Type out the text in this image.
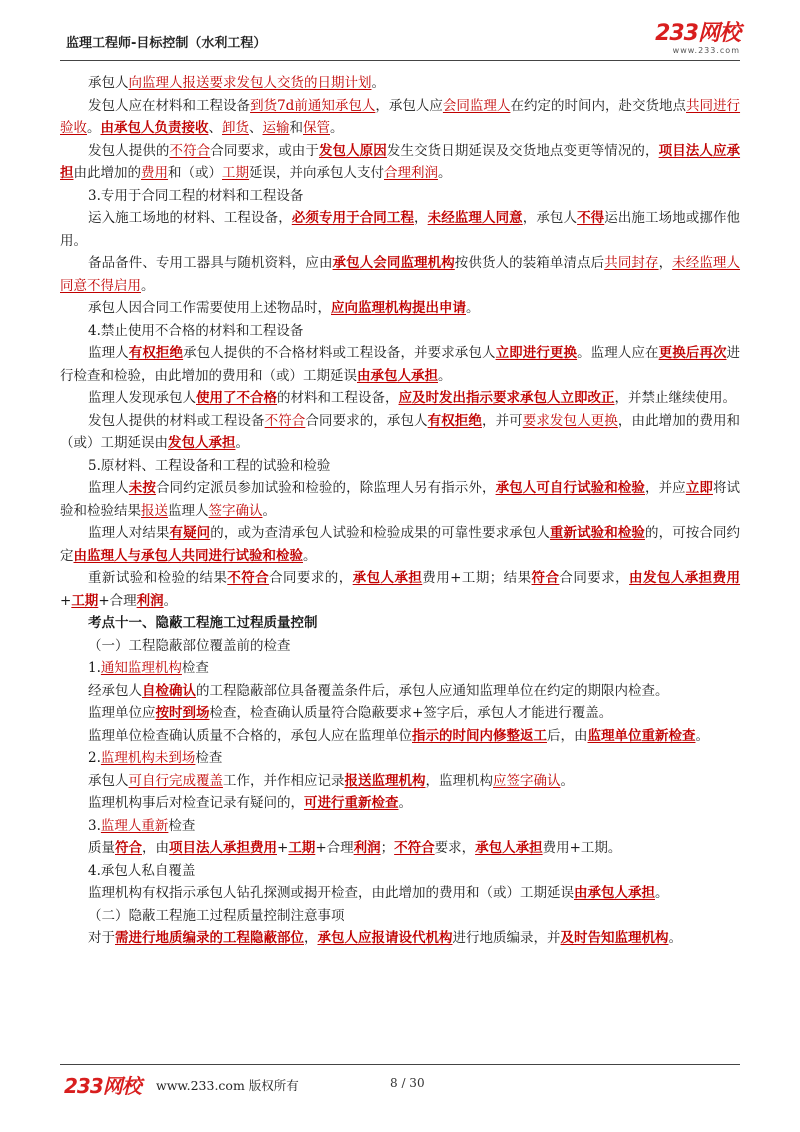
监理工程师-目标控制（水利工程）	233网校
www.233.com

承包人向监理人报送要求发包人交货的日期计划。

发包人应在材料和工程设备到货7d前通知承包人，承包人应会同监理人在约定的时间内，赴交货地点共同进行验收。由承包人负责接收、卸货、运输和保管。

发包人提供的不符合合同要求，或由于发包人原因发生交货日期延误及交货地点变更等情况的，项目法人应承担由此增加的费用和（或）工期延误，并向承包人支付合理利润。

3.专用于合同工程的材料和工程设备

运入施工场地的材料、工程设备，必须专用于合同工程，未经监理人同意，承包人不得运出施工场地或挪作他用。

备品备件、专用工器具与随机资料，应由承包人会同监理机构按供货人的装箱单清点后共同封存，未经监理人同意不得启用。

承包人因合同工作需要使用上述物品时，应向监理机构提出申请。

4.禁止使用不合格的材料和工程设备

监理人有权拒绝承包人提供的不合格材料或工程设备，并要求承包人立即进行更换。监理人应在更换后再次进行检查和检验，由此增加的费用和（或）工期延误由承包人承担。

监理人发现承包人使用了不合格的材料和工程设备，应及时发出指示要求承包人立即改正，并禁止继续使用。

发包人提供的材料或工程设备不符合合同要求的，承包人有权拒绝，并可要求发包人更换，由此增加的费用和（或）工期延误由发包人承担。

5.原材料、工程设备和工程的试验和检验

监理人未按合同约定派员参加试验和检验的，除监理人另有指示外，承包人可自行试验和检验，并应立即将试验和检验结果报送监理人签字确认。

监理人对结果有疑问的，或为查清承包人试验和检验成果的可靠性要求承包人重新试验和检验的，可按合同约定由监理人与承包人共同进行试验和检验。

重新试验和检验的结果不符合合同要求的，承包人承担费用+工期；结果符合合同要求，由发包人承担费用+工期+合理利润。

考点十一、隐蔽工程施工过程质量控制

（一）工程隐蔽部位覆盖前的检查

1.通知监理机构检查

经承包人自检确认的工程隐蔽部位具备覆盖条件后，承包人应通知监理单位在约定的期限内检查。

监理单位应按时到场检查，检查确认质量符合隐蔽要求+签字后，承包人才能进行覆盖。

监理单位检查确认质量不合格的，承包人应在监理单位指示的时间内修整返工后，由监理单位重新检查。

2.监理机构未到场检查

承包人可自行完成覆盖工作，并作相应记录报送监理机构，监理机构应签字确认。

监理机构事后对检查记录有疑问的，可进行重新检查。

3.监理人重新检查

质量符合，由项目法人承担费用+工期+合理利润；不符合要求，承包人承担费用+工期。

4.承包人私自覆盖

监理机构有权指示承包人钻孔探测或揭开检查，由此增加的费用和（或）工期延误由承包人承担。

（二）隐蔽工程施工过程质量控制注意事项

对于需进行地质编录的工程隐蔽部位，承包人应报请设代机构进行地质编录，并及时告知监理机构。

233网校 www.233.com 版权所有	8 / 30
